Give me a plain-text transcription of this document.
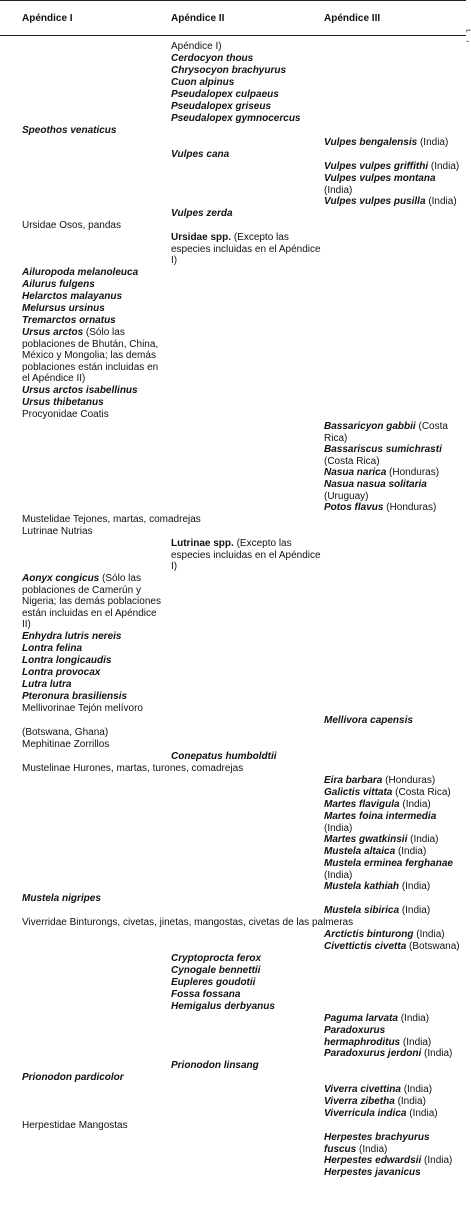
Apéndice I	Apéndice II	Apéndice III
⌐
-
Apéndice I)
Cerdocyon thous
Chrysocyon brachyurus
Cuon alpinus
Pseudalopex culpaeus
Pseudalopex griseus
Pseudalopex gymnocercus
Speothos venaticus
Vulpes bengalensis (India)
Vulpes cana
Vulpes vulpes griffithi (India)
Vulpes vulpes montana (India)
Vulpes vulpes pusilla (India)
Vulpes zerda
Ursidae Osos, pandas
Ursidae spp. (Excepto las especies incluidas en el Apéndice I)
Ailuropoda melanoleuca
Ailurus fulgens
Helarctos malayanus
Melursus ursinus
Tremarctos ornatus
Ursus arctos (Sólo las poblaciones de Bhután, China, México y Mongolia; las demás poblaciones están incluidas en el Apéndice II)
Ursus arctos isabellinus
Ursus thibetanus
Procyonidae Coatis
Bassaricyon gabbii (Costa Rica)
Bassariscus sumichrasti (Costa Rica)
Nasua narica (Honduras)
Nasua nasua solitaria (Uruguay)
Potos flavus (Honduras)
Mustelidae Tejones, martas, comadrejas
Lutrinae Nutrias
Lutrinae spp. (Excepto las especies incluidas en el Apéndice I)
Aonyx congicus (Sólo las poblaciones de Camerún y Nigeria; las demás poblaciones están incluidas en el Apéndice II)
Enhydra lutris nereis
Lontra felina
Lontra longicaudis
Lontra provocax
Lutra lutra
Pteronura brasiliensis
Mellivorinae Tejón melívoro
Mellivora capensis
(Botswana, Ghana)
Mephitinae Zorrillos
Conepatus humboldtii
Mustelinae Hurones, martas, turones, comadrejas
Eira barbara (Honduras)
Galictis vittata (Costa Rica)
Martes flavigula (India)
Martes foina intermedia (India)
Martes gwatkinsii (India)
Mustela altaica (India)
Mustela erminea ferghanae (India)
Mustela kathiah (India)
Mustela nigripes
Mustela sibirica (India)
Viverridae Binturongs, civetas, jinetas, mangostas, civetas de las palmeras
Arctictis binturong (India)
Civettictis civetta (Botswana)
Cryptoprocta ferox
Cynogale bennettii
Eupleres goudotii
Fossa fossana
Hemigalus derbyanus
Paguma larvata (India)
Paradoxurus hermaphroditus (India)
Paradoxurus jerdoni (India)
Prionodon linsang
Prionodon pardicolor
Viverra civettina (India)
Viverra zibetha (India)
Viverricula indica (India)
Herpestidae Mangostas
Herpestes brachyurus fuscus (India)
Herpestes edwardsii (India)
Herpestes javanicus
